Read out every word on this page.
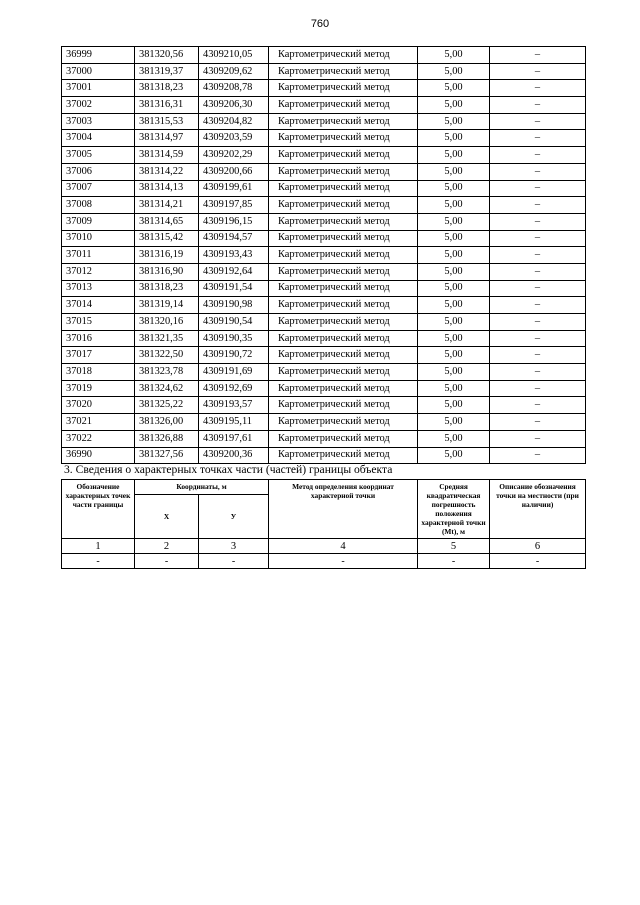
760
36999	381320,56	4309210,05	Картометрический метод	5,00	–
37000	381319,37	4309209,62	Картометрический метод	5,00	–
37001	381318,23	4309208,78	Картометрический метод	5,00	–
37002	381316,31	4309206,30	Картометрический метод	5,00	–
37003	381315,53	4309204,82	Картометрический метод	5,00	–
37004	381314,97	4309203,59	Картометрический метод	5,00	–
37005	381314,59	4309202,29	Картометрический метод	5,00	–
37006	381314,22	4309200,66	Картометрический метод	5,00	–
37007	381314,13	4309199,61	Картометрический метод	5,00	–
37008	381314,21	4309197,85	Картометрический метод	5,00	–
37009	381314,65	4309196,15	Картометрический метод	5,00	–
37010	381315,42	4309194,57	Картометрический метод	5,00	–
37011	381316,19	4309193,43	Картометрический метод	5,00	–
37012	381316,90	4309192,64	Картометрический метод	5,00	–
37013	381318,23	4309191,54	Картометрический метод	5,00	–
37014	381319,14	4309190,98	Картометрический метод	5,00	–
37015	381320,16	4309190,54	Картометрический метод	5,00	–
37016	381321,35	4309190,35	Картометрический метод	5,00	–
37017	381322,50	4309190,72	Картометрический метод	5,00	–
37018	381323,78	4309191,69	Картометрический метод	5,00	–
37019	381324,62	4309192,69	Картометрический метод	5,00	–
37020	381325,22	4309193,57	Картометрический метод	5,00	–
37021	381326,00	4309195,11	Картометрический метод	5,00	–
37022	381326,88	4309197,61	Картометрический метод	5,00	–
36990	381327,56	4309200,36	Картометрический метод	5,00	–
3. Сведения о характерных точках части (частей) границы объекта
Обозначение характерных точек части границы	Координаты, м		Метод определения координат характерной точки	Средняя квадратическая погрешность положения характерной точки (Mt), м	Описание обозначения точки на местности (при наличии)
	X	У			
1	2	3	4	5	6
-	-	-	-	-	-
